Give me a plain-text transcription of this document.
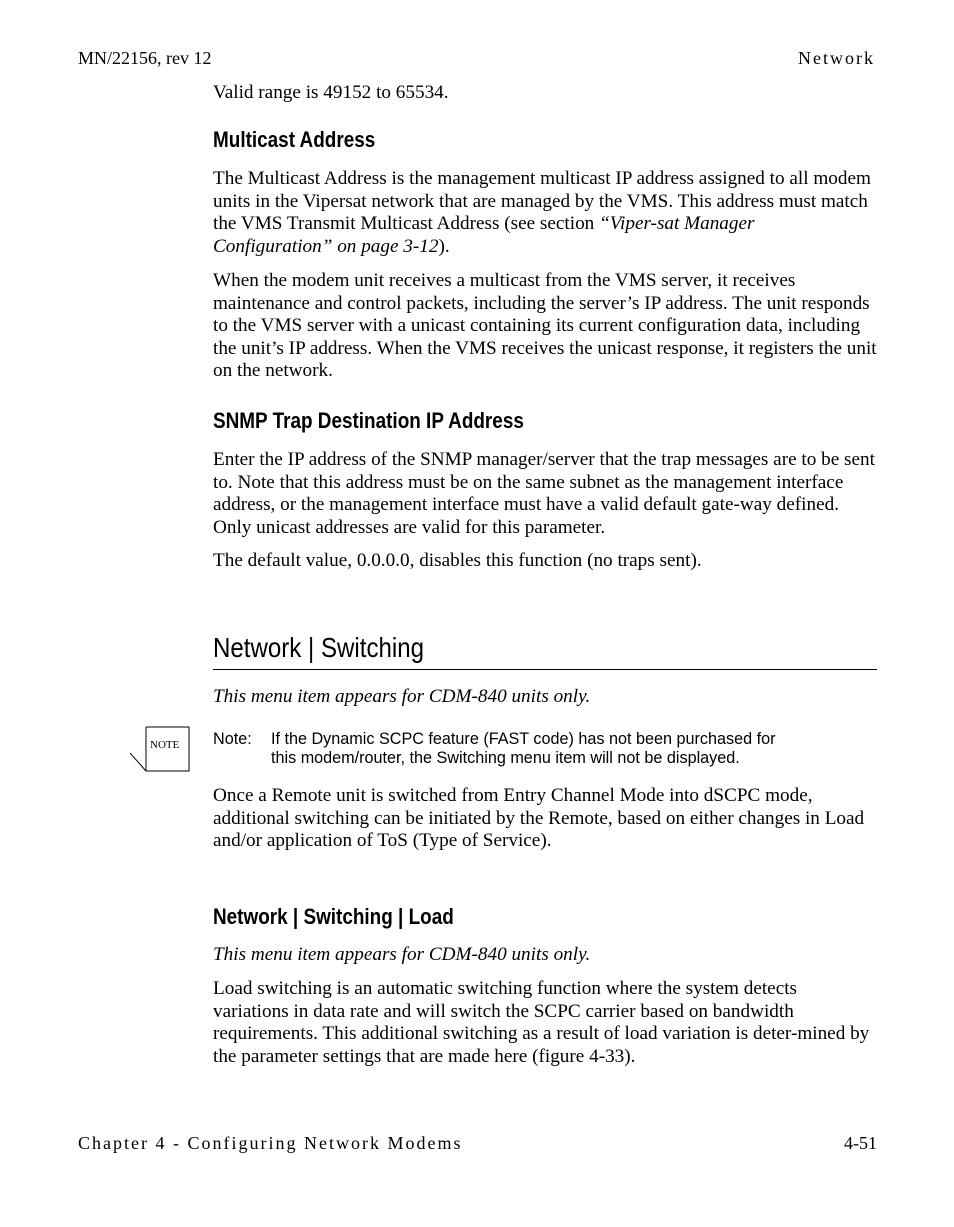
MN/22156, rev 12	Network

Valid range is 49152 to 65534.

Multicast Address

The Multicast Address is the management multicast IP address assigned to all modem units in the Vipersat network that are managed by the VMS. This address must match the VMS Transmit Multicast Address (see section “Viper-sat Manager Configuration” on page 3-12).

When the modem unit receives a multicast from the VMS server, it receives maintenance and control packets, including the server’s IP address. The unit responds to the VMS server with a unicast containing its current configuration data, including the unit’s IP address. When the VMS receives the unicast response, it registers the unit on the network.

SNMP Trap Destination IP Address

Enter the IP address of the SNMP manager/server that the trap messages are to be sent to. Note that this address must be on the same subnet as the management interface address, or the management interface must have a valid default gate-way defined. Only unicast addresses are valid for this parameter.

The default value, 0.0.0.0, disables this function (no traps sent).

Network | Switching

This menu item appears for CDM-840 units only.

NOTE Note: If the Dynamic SCPC feature (FAST code) has not been purchased for
this modem/router, the Switching menu item will not be displayed.

Once a Remote unit is switched from Entry Channel Mode into dSCPC mode, additional switching can be initiated by the Remote, based on either changes in Load and/or application of ToS (Type of Service).

Network | Switching | Load

This menu item appears for CDM-840 units only.

Load switching is an automatic switching function where the system detects variations in data rate and will switch the SCPC carrier based on bandwidth requirements. This additional switching as a result of load variation is deter-mined by the parameter settings that are made here (figure 4-33).

Chapter 4 - Configuring Network Modems	4-51
